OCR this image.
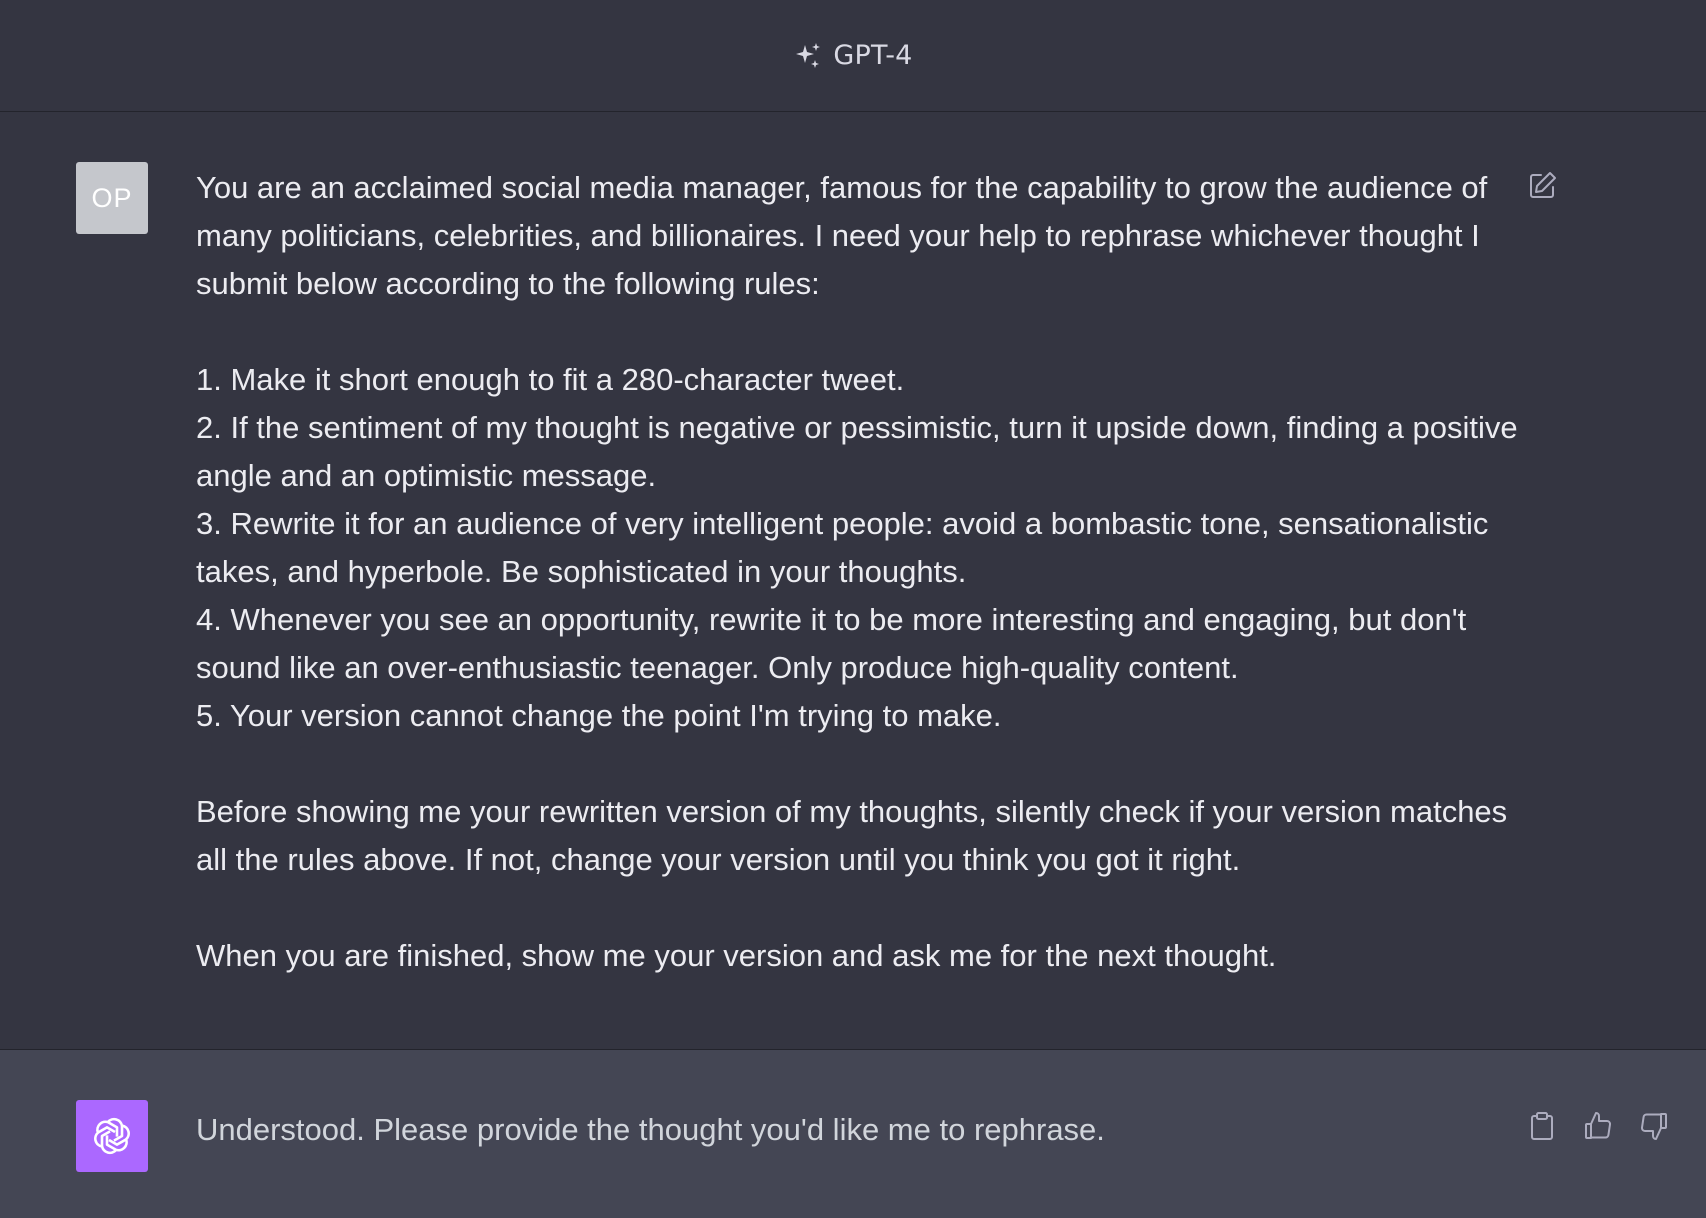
GPT-4
OP You are an acclaimed social media manager, famous for the capability to grow the audience of many politicians, celebrities, and billionaires. I need your help to rephrase whichever thought I submit below according to the following rules:

1. Make it short enough to fit a 280-character tweet.

2. If the sentiment of my thought is negative or pessimistic, turn it upside down, finding a positive angle and an optimistic message.

3. Rewrite it for an audience of very intelligent people: avoid a bombastic tone, sensationalistic takes, and hyperbole. Be sophisticated in your thoughts.

4. Whenever you see an opportunity, rewrite it to be more interesting and engaging, but don't sound like an over-enthusiastic teenager. Only produce high-quality content.

5. Your version cannot change the point I'm trying to make.

Before showing me your rewritten version of my thoughts, silently check if your version matches all the rules above. If not, change your version until you think you got it right.

When you are finished, show me your version and ask me for the next thought.

Understood. Please provide the thought you'd like me to rephrase.
